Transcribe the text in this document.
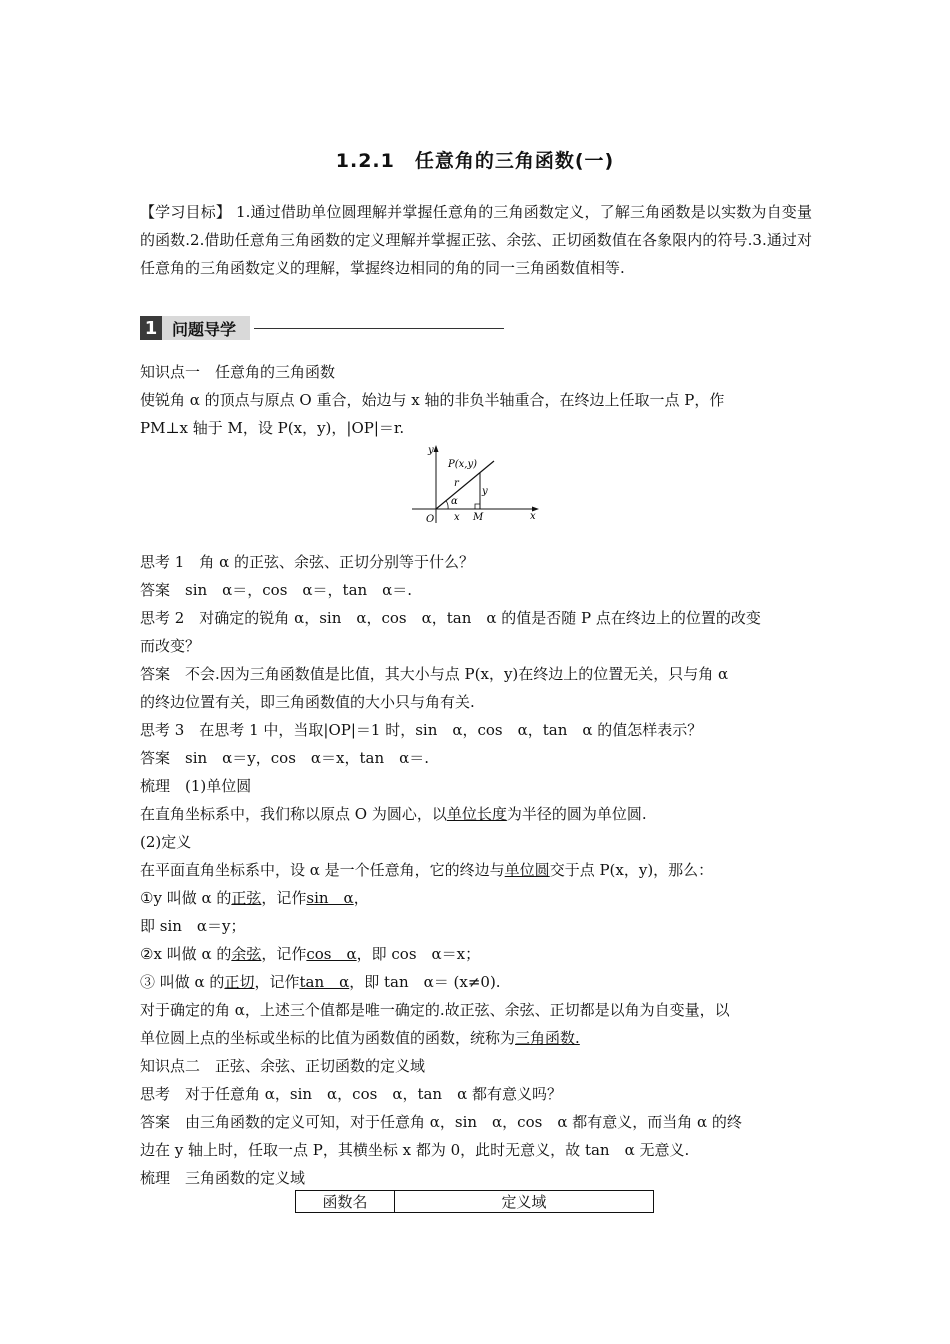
1.2.1　任意角的三角函数(一)
【学习目标】 1.通过借助单位圆理解并掌握任意角的三角函数定义，了解三角函数是以实数为自变量的函数.2.借助任意角三角函数的定义理解并掌握正弦、余弦、正切函数值在各象限内的符号.3.通过对任意角的三角函数定义的理解，掌握终边相同的角的同一三角函数值相等.
1 问题导学
知识点一　任意角的三角函数
使锐角 α 的顶点与原点 O 重合，始边与 x 轴的非负半轴重合，在终边上任取一点 P，作
PM⊥x 轴于 M，设 P(x，y)，|OP|＝r.
y
x
P(x,y)
r
α
y
O x M
思考 1　角 α 的正弦、余弦、正切分别等于什么？
答案　sin　α＝，cos　α＝，tan　α＝.
思考 2　对确定的锐角 α，sin　α，cos　α，tan　α 的值是否随 P 点在终边上的位置的改变
而改变？
答案　不会.因为三角函数值是比值，其大小与点 P(x，y)在终边上的位置无关，只与角 α
的终边位置有关，即三角函数值的大小只与角有关.
思考 3　在思考 1 中，当取|OP|＝1 时，sin　α，cos　α，tan　α 的值怎样表示？
答案　sin　α＝y，cos　α＝x，tan　α＝.
梳理　(1)单位圆
在直角坐标系中，我们称以原点 O 为圆心，以单位长度为半径的圆为单位圆.
(2)定义
在平面直角坐标系中，设 α 是一个任意角，它的终边与单位圆交于点 P(x，y)，那么：
①y 叫做 α 的正弦，记作sin　α，
即 sin　α＝y；
②x 叫做 α 的余弦，记作cos　α，即 cos　α＝x；
③ 叫做 α 的正切，记作tan　α，即 tan　α＝ (x≠0).
对于确定的角 α，上述三个值都是唯一确定的.故正弦、余弦、正切都是以角为自变量，以
单位圆上点的坐标或坐标的比值为函数值的函数，统称为三角函数.
知识点二　正弦、余弦、正切函数的定义域
思考　对于任意角 α，sin　α，cos　α，tan　α 都有意义吗？
答案　由三角函数的定义可知，对于任意角 α，sin　α，cos　α 都有意义，而当角 α 的终
边在 y 轴上时，任取一点 P，其横坐标 x 都为 0，此时无意义，故 tan　α 无意义.
梳理　三角函数的定义域
函数名	定义域
